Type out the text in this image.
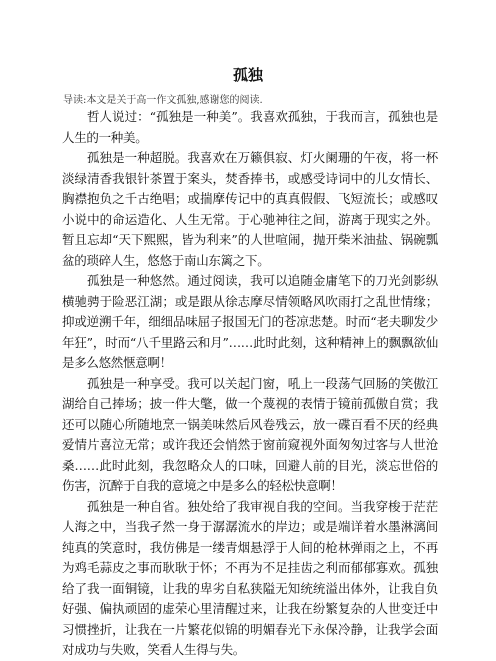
孤独
导读:本文是关于高一作文孤独,感谢您的阅读.

哲人说过：“孤独是一种美”。我喜欢孤独，于我而言，孤独也是人生的一种美。

孤独是一种超脱。我喜欢在万籁俱寂、灯火阑珊的午夜，将一杯淡绿清香我银针茶置于案头，焚香捧书，或感受诗词中的儿女情长、胸襟抱负之千古绝唱；或揣摩传记中的真真假假、飞短流长；或感叹小说中的命运造化、人生无常。于心驰神往之间，游离于现实之外。暂且忘却“天下熙熙，皆为利来”的人世喧闹，抛开柴米油盐、锅碗瓢盆的琐碎人生，悠悠于南山东篱之下。

孤独是一种悠然。通过阅读，我可以追随金庸笔下的刀光剑影纵横驰骋于险恶江湖；或是跟从徐志摩尽情领略风吹雨打之乱世情缘；抑或逆溯千年，细细品味屈子报国无门的苍凉悲楚。时而“老夫聊发少年狂”，时而“八千里路云和月”……此时此刻，这种精神上的飘飘欲仙是多么悠然惬意啊！

孤独是一种享受。我可以关起门窗，吼上一段荡气回肠的笑傲江湖给自己捧场；披一件大氅，做一个蔑视的表情于镜前孤傲自赏；我还可以随心所随地烹一锅美味然后风卷残云，放一碟百看不厌的经典爱情片喜泣无常；或许我还会悄然于窗前窥视外面匆匆过客与人世沧桑……此时此刻，我忽略众人的口味，回避人前的目光，淡忘世俗的伤害，沉醉于自我的意境之中是多么的轻松快意啊！

孤独是一种自省。独处给了我审视自我的空间。当我穿梭于茫茫人海之中，当我孑然一身于潺潺流水的岸边；或是端详着水墨淋漓间纯真的笑意时，我仿佛是一缕青烟悬浮于人间的枪林弹雨之上，不再为鸡毛蒜皮之事而耿耿于怀；不再为不足挂齿之利而郁郁寡欢。孤独给了我一面铜镜，让我的卑劣自私狭隘无知统统溢出体外，让我自负好强、偏执顽固的虚荣心里清醒过来，让我在纷繁复杂的人世变迁中习惯挫折，让我在一片繁花似锦的明媚春光下永保冷静，让我学会面对成功与失败，笑看人生得与失。
